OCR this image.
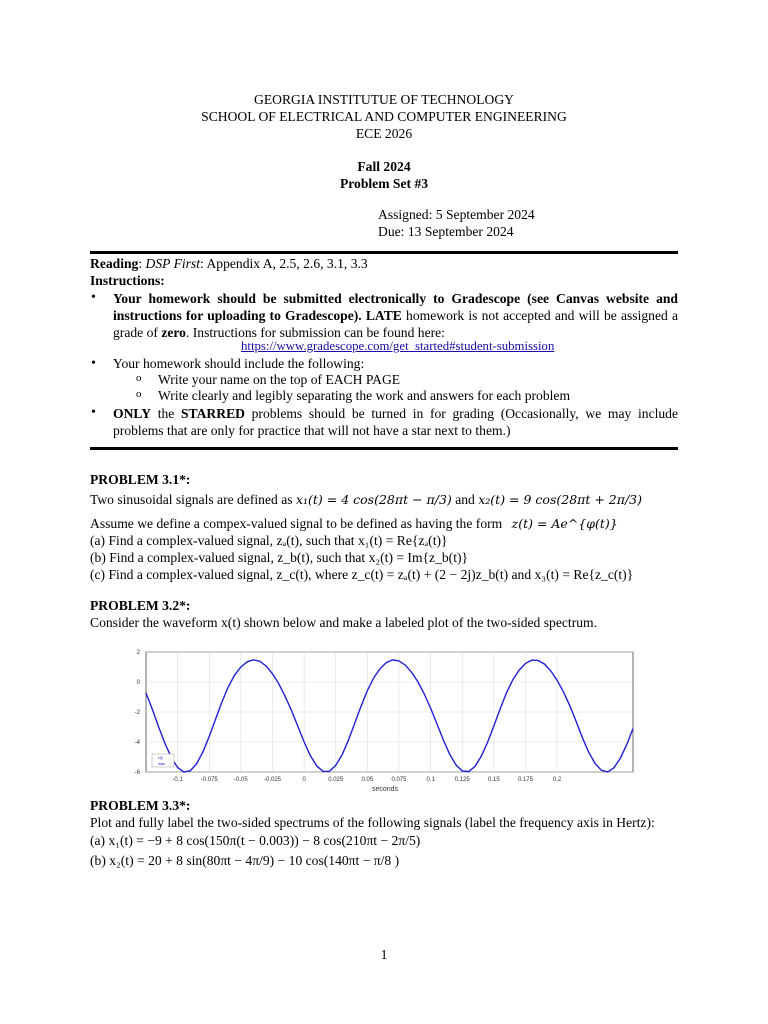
GEORGIA INSTITUTUE OF TECHNOLOGY
SCHOOL OF ELECTRICAL AND COMPUTER ENGINEERING
ECE 2026
Fall 2024
Problem Set #3
Assigned: 5 September 2024
Due: 13 September 2024
Reading: DSP First: Appendix A, 2.5, 2.6, 3.1, 3.3
Instructions:
• Your homework should be submitted electronically to Gradescope (see Canvas website and instructions for uploading to Gradescope). LATE homework is not accepted and will be assigned a grade of zero. Instructions for submission can be found here:
https://www.gradescope.com/get_started#student-submission
• Your homework should include the following:
o Write your name on the top of EACH PAGE
o Write clearly and legibly separating the work and answers for each problem
• ONLY the STARRED problems should be turned in for grading (Occasionally, we may include problems that are only for practice that will not have a star next to them.)
PROBLEM 3.1*:
Two sinusoidal signals are defined as x₁(t) = 4 cos(28πt − π/3) and x₂(t) = 9 cos(28πt + 2π/3)
Assume we define a compex-valued signal to be defined as having the form z(t) = Ae^{φ(t)}
(a) Find a complex-valued signal, zₐ(t), such that x₁(t) = Re{zₐ(t)}
(b) Find a complex-valued signal, z_b(t), such that x₂(t) = Im{z_b(t)}
(c) Find a complex-valued signal, z_c(t), where z_c(t) = zₐ(t) + (2 − 2j)z_b(t) and x₃(t) = Re{z_c(t)}
PROBLEM 3.2*:
Consider the waveform x(t) shown below and make a labeled plot of the two-sided spectrum.
2
0
-2
-4
-6
-0.1	-0.075	-0.05	-0.025	0	0.025	0.05	0.075	0.1	0.125	0.15	0.175	0.2
x(t)
data
seconds
PROBLEM 3.3*:
Plot and fully label the two-sided spectrums of the following signals (label the frequency axis in Hertz):
(a) x₁(t) = −9 + 8 cos(150π(t − 0.003)) − 8 cos(210πt − 2π/5)
(b) x₂(t) = 20 + 8 sin(80πt − 4π/9) − 10 cos(140πt − π/8 )
1
